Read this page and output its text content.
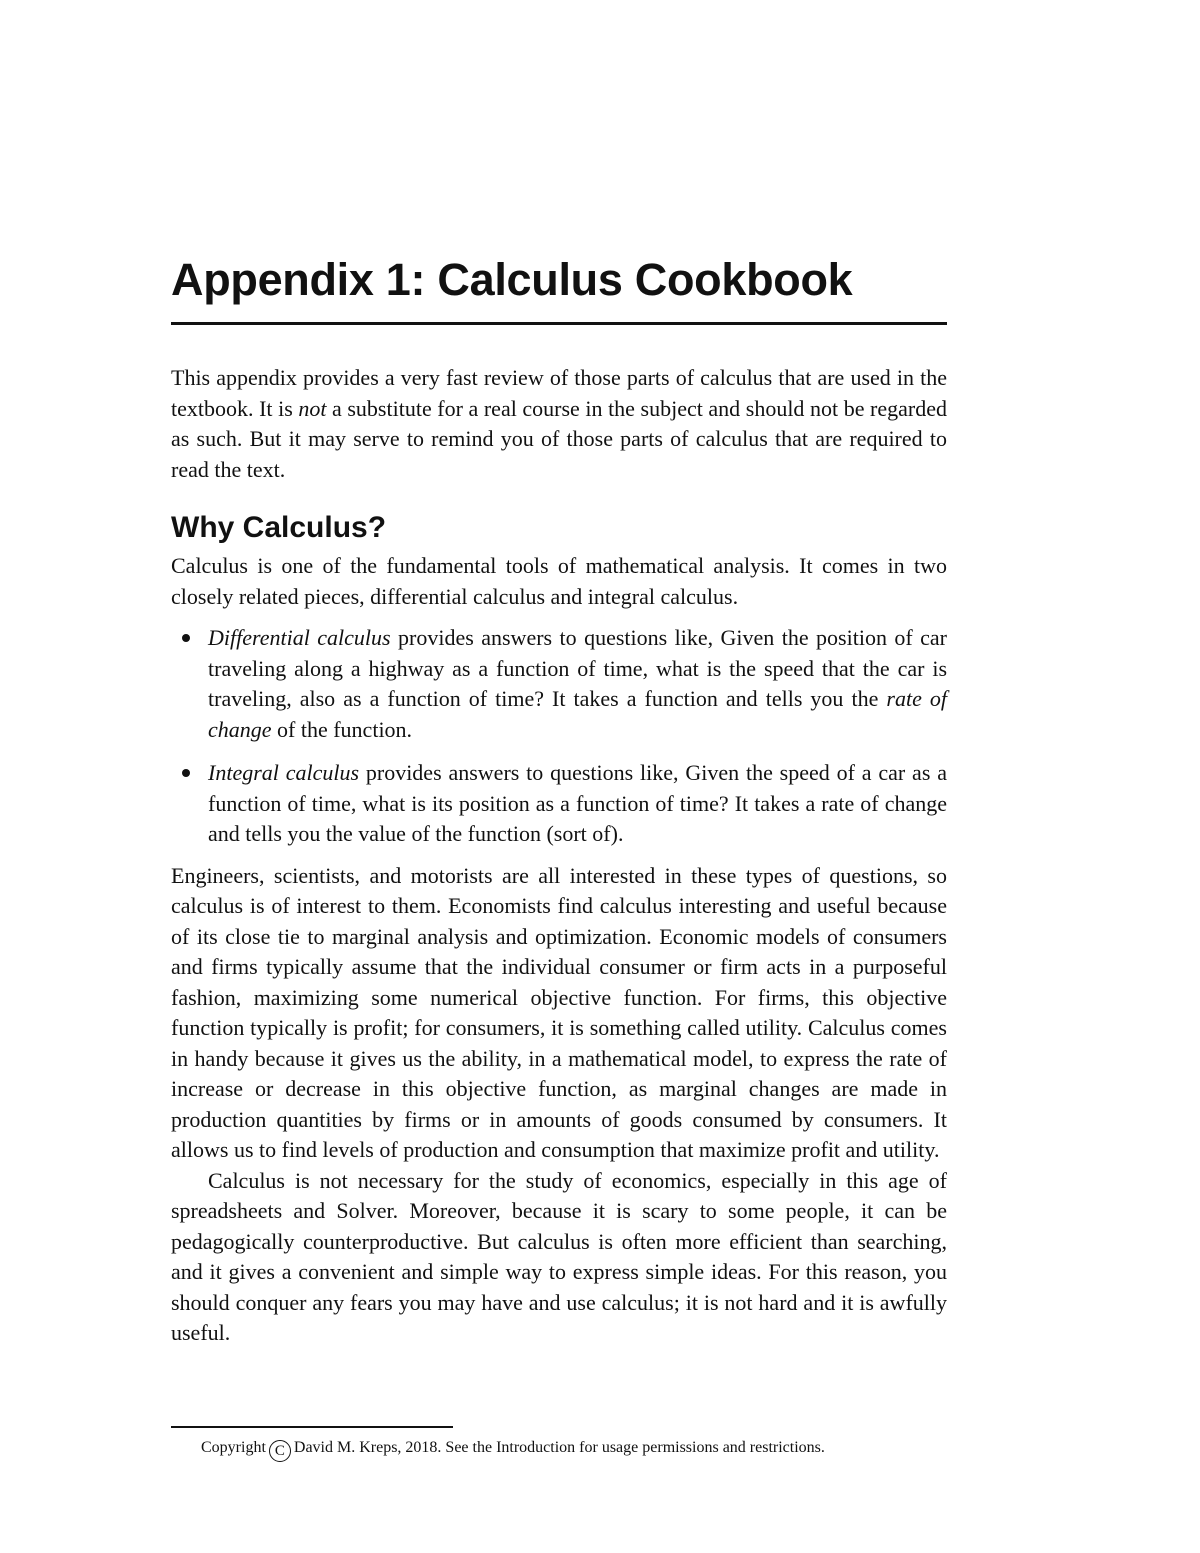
Appendix 1: Calculus Cookbook

This appendix provides a very fast review of those parts of calculus that are used in the textbook. It is not a substitute for a real course in the subject and should not be regarded as such. But it may serve to remind you of those parts of calculus that are required to read the text.

Why Calculus?

Calculus is one of the fundamental tools of mathematical analysis. It comes in two closely related pieces, differential calculus and integral calculus.

Differential calculus provides answers to questions like, Given the position of car traveling along a highway as a function of time, what is the speed that the car is traveling, also as a function of time? It takes a function and tells you the rate of change of the function.
Integral calculus provides answers to questions like, Given the speed of a car as a function of time, what is its position as a function of time? It takes a rate of change and tells you the value of the function (sort of).

Engineers, scientists, and motorists are all interested in these types of questions, so calculus is of interest to them. Economists find calculus interesting and useful because of its close tie to marginal analysis and optimization. Economic models of consumers and firms typically assume that the individual consumer or firm acts in a purposeful fashion, maximizing some numerical objective function. For firms, this objective function typically is profit; for consumers, it is something called utility. Calculus comes in handy because it gives us the ability, in a mathematical model, to express the rate of increase or decrease in this objective function, as marginal changes are made in production quantities by firms or in amounts of goods consumed by consumers. It allows us to find levels of production and consumption that maximize profit and utility.

Calculus is not necessary for the study of economics, especially in this age of spreadsheets and Solver. Moreover, because it is scary to some people, it can be pedagogically counterproductive. But calculus is often more efficient than searching, and it gives a convenient and simple way to express simple ideas. For this reason, you should conquer any fears you may have and use calculus; it is not hard and it is awfully useful.

Copyright C David M. Kreps, 2018. See the Introduction for usage permissions and restrictions.
